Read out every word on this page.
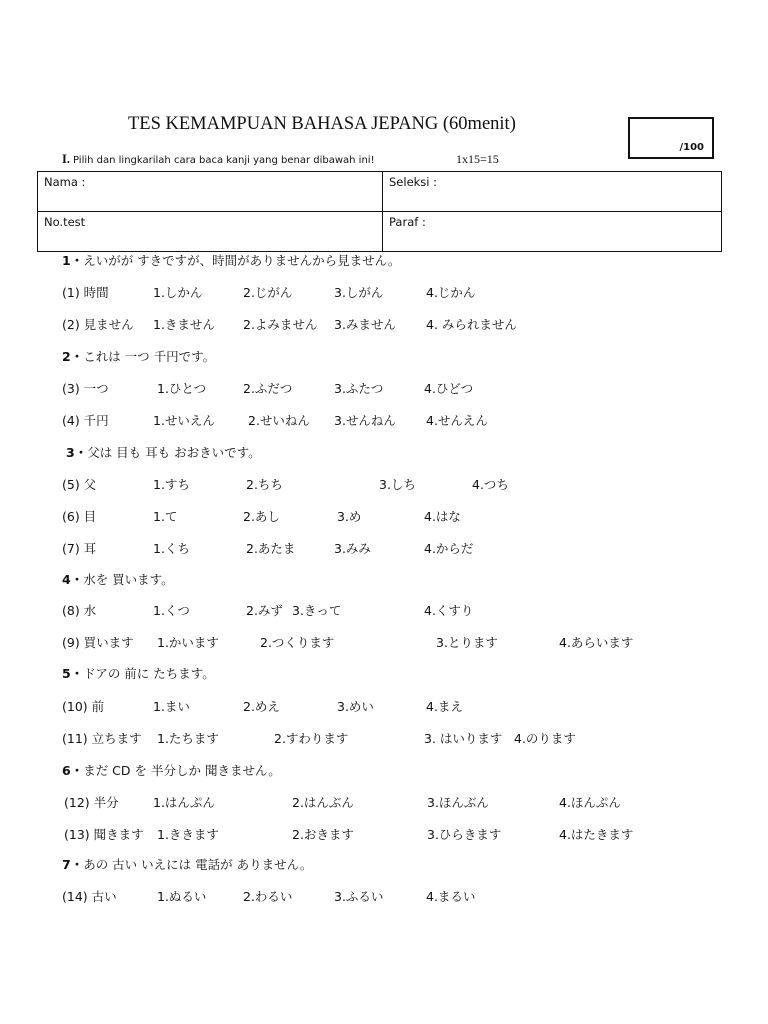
TES KEMAMPUAN BAHASA JEPANG (60menit)
/100
I. Pilih dan lingkarilah cara baca kanji yang benar dibawah ini!	1x15=15
Nama :	Seleksi :
No.test	Paraf :
1・えいがが すきですが、時間がありませんから見ません。
2・これは 一つ 千円です。
3・父は 目も 耳も おおきいです。
4・水を 買います。
5・ドアの 前に たちます。
6・まだ CD を 半分しか 聞きません。
7・あの 古い いえには 電話が ありません。
(1) 時間	1.しかん	2.じがん	3.しがん	4.じかん
(2) 見ません 1.きません 2.よみません 3.みません 4. みられません
(3) 一つ	1.ひとつ	2.ふだつ	3.ふたつ	4.ひどつ
(4) 千円	1.せいえん	2.せいねん 3.せんねん 4.せんえん
(5) 父	1.すち	2.ちち	3.しち	4.つち
(6) 目	1.て	2.あし	3.め	4.はな
(7) 耳	1.くち	2.あたま	3.みみ	4.からだ
(8) 水	1.くつ	2.みず 3.きって	4.くすり
(9) 買います 1.かいます	2.つくります	3.とります	4.あらいます
(10) 前	1.まい	2.めえ	3.めい	4.まえ
(11) 立ちます 1.たちます	2.すわります	3. はいります 4.のります
(12) 半分	1.はんぷん	2.はんぶん	3.ほんぶん	4.ほんぷん
(13) 聞きます 1.ききます	2.おきます	3.ひらきます	4.はたきます
(14) 古い	1.ぬるい	2.わるい	3.ふるい	4.まるい
